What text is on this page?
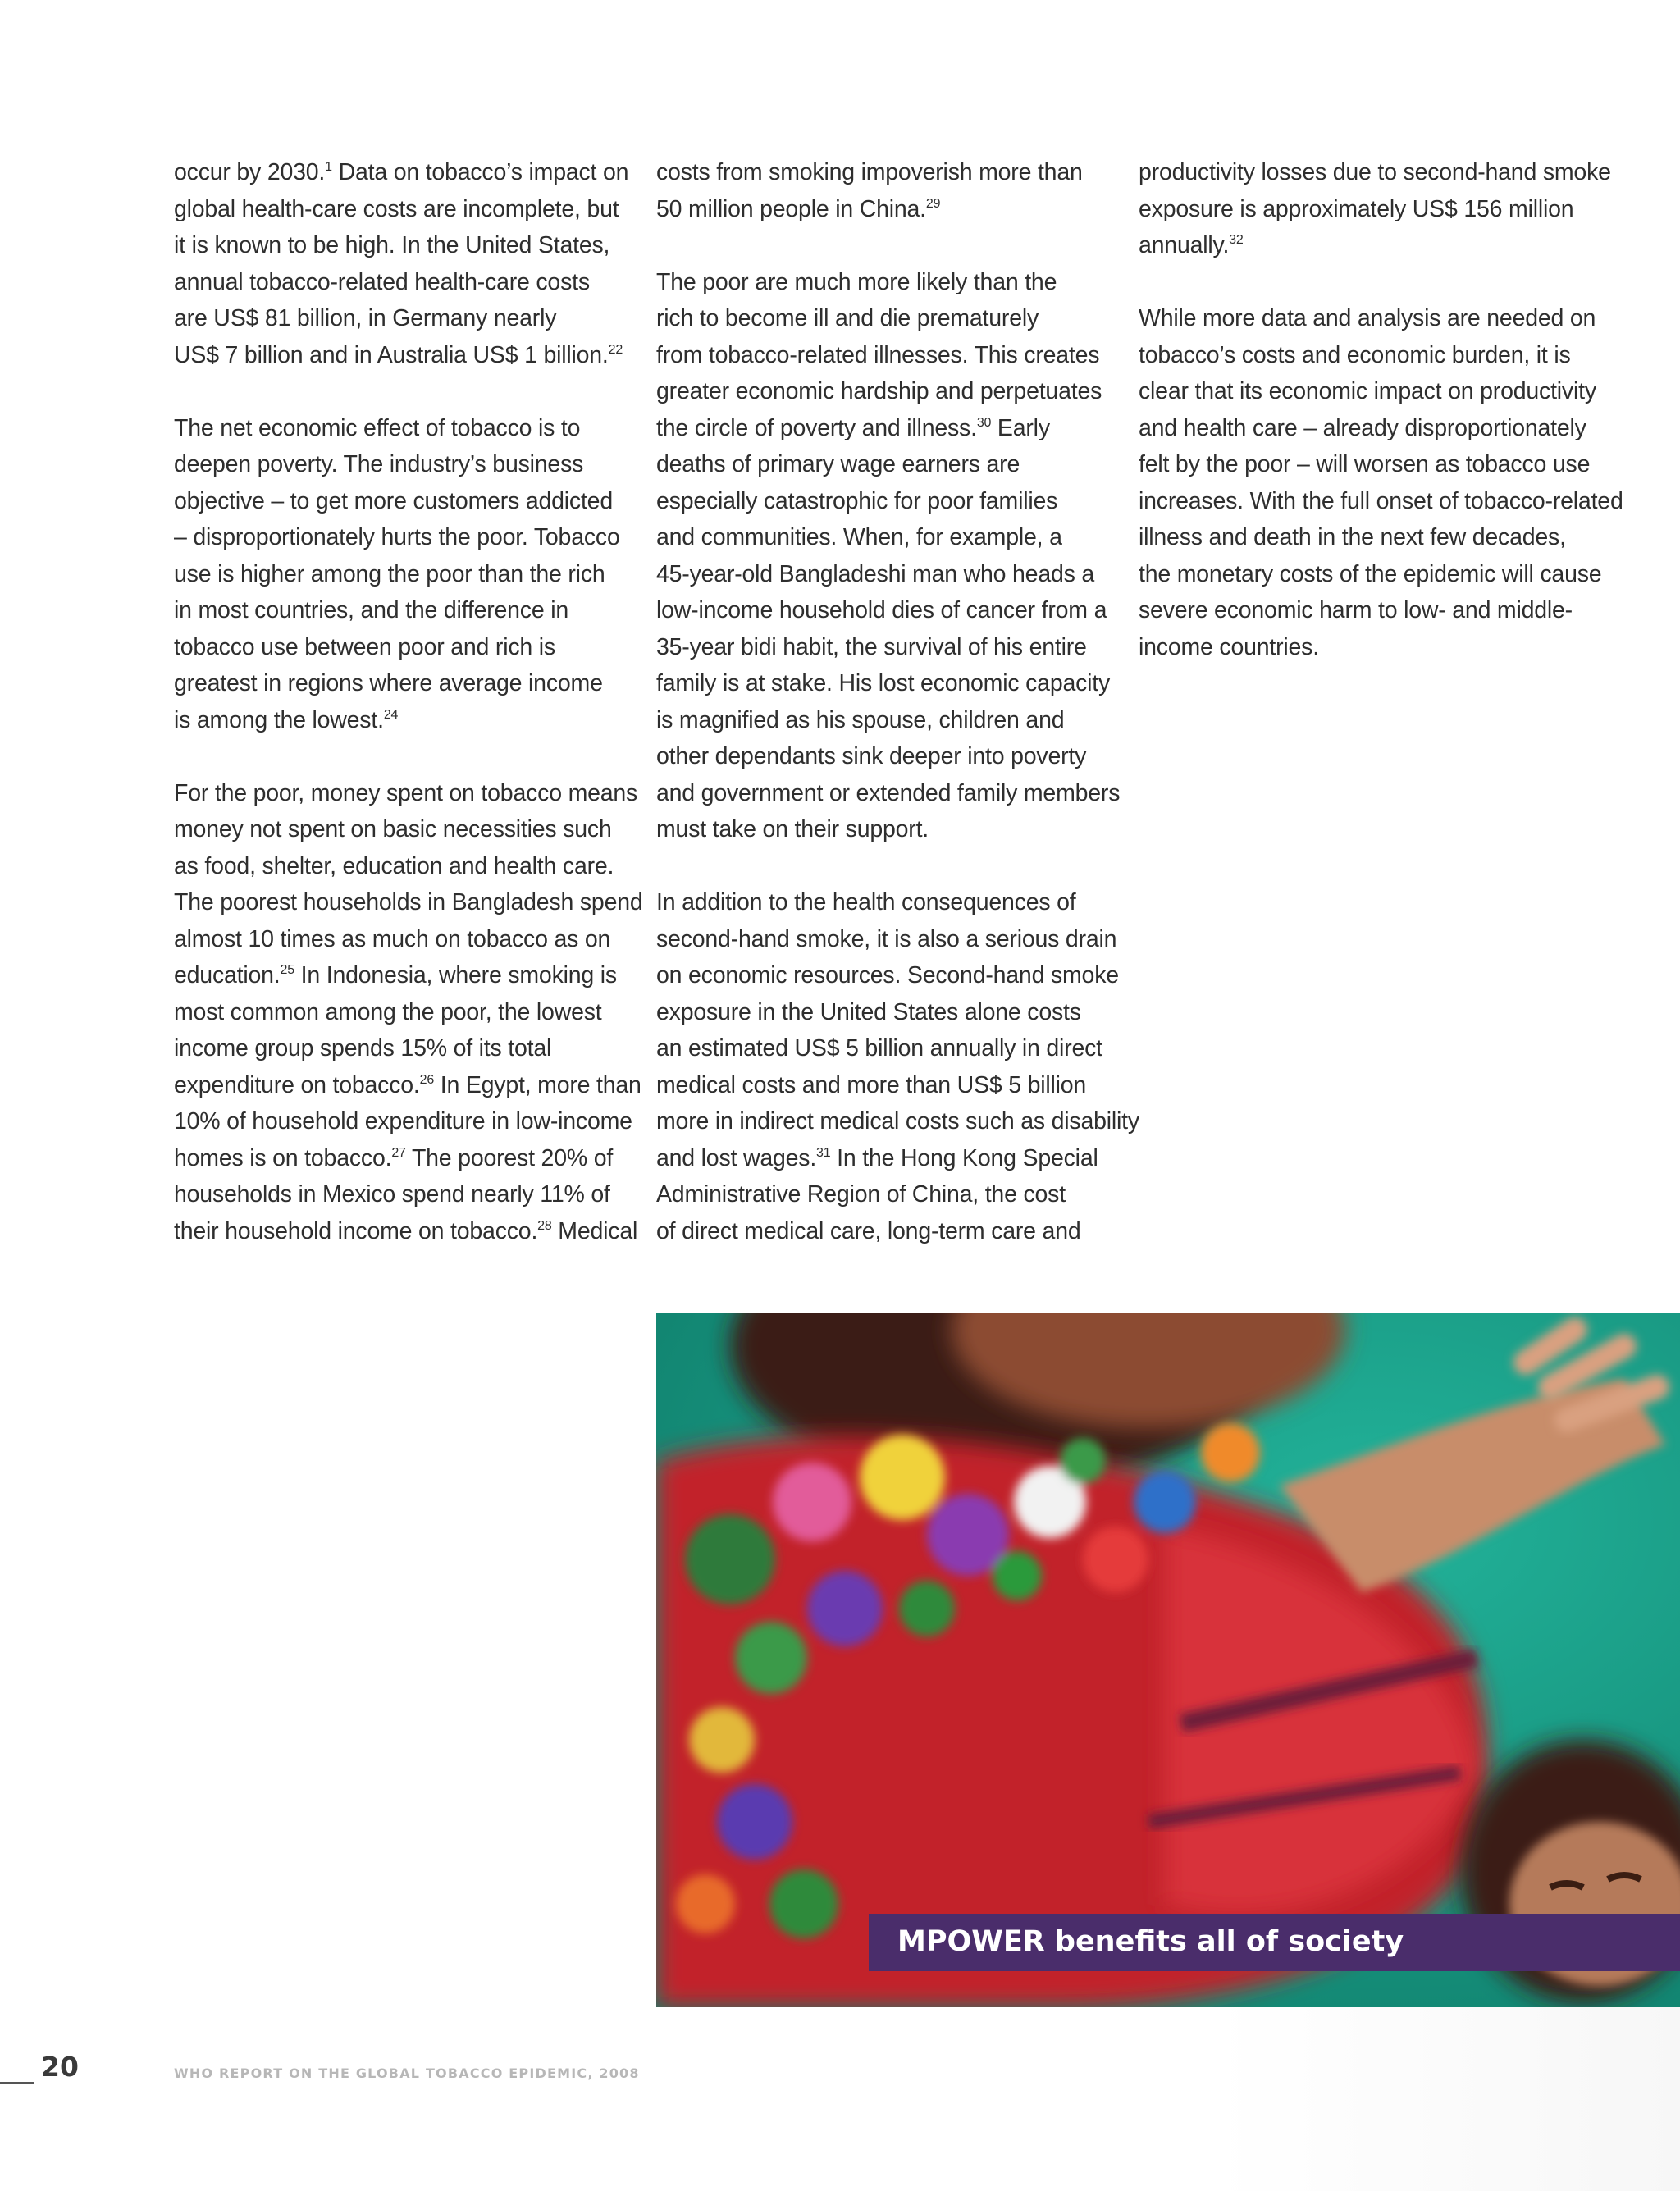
occur by 2030.$^1$ Data on tobacco’s impact on
global health-care costs are incomplete, but
it is known to be high. In the United States,
annual tobacco-related health-care costs
are US$ 81 billion, in Germany nearly
US$ 7 billion and in Australia US$ 1 billion.$^{22}$
The net economic effect of tobacco is to
deepen poverty. The industry’s business
objective – to get more customers addicted
– disproportionately hurts the poor. Tobacco
use is higher among the poor than the rich
in most countries, and the difference in
tobacco use between poor and rich is
greatest in regions where average income
is among the lowest.$^{24}$
For the poor, money spent on tobacco means
money not spent on basic necessities such
as food, shelter, education and health care.
The poorest households in Bangladesh spend
almost 10 times as much on tobacco as on
education.$^{25}$ In Indonesia, where smoking is
most common among the poor, the lowest
income group spends 15% of its total
expenditure on tobacco.$^{26}$ In Egypt, more than
10% of household expenditure in low-income
homes is on tobacco.$^{27}$ The poorest 20% of
households in Mexico spend nearly 11% of
their household income on tobacco.$^{28}$ Medical
costs from smoking impoverish more than
50 million people in China.$^{29}$
The poor are much more likely than the
rich to become ill and die prematurely
from tobacco-related illnesses. This creates
greater economic hardship and perpetuates
the circle of poverty and illness.$^{30}$ Early
deaths of primary wage earners are
especially catastrophic for poor families
and communities. When, for example, a
45-year-old Bangladeshi man who heads a
low-income household dies of cancer from a
35-year bidi habit, the survival of his entire
family is at stake. His lost economic capacity
is magnified as his spouse, children and
other dependants sink deeper into poverty
and government or extended family members
must take on their support.
In addition to the health consequences of
second-hand smoke, it is also a serious drain
on economic resources. Second-hand smoke
exposure in the United States alone costs
an estimated US$ 5 billion annually in direct
medical costs and more than US$ 5 billion
more in indirect medical costs such as disability
and lost wages.$^{31}$ In the Hong Kong Special
Administrative Region of China, the cost
of direct medical care, long-term care and
productivity losses due to second-hand smoke
exposure is approximately US$ 156 million
annually.$^{32}$
While more data and analysis are needed on
tobacco’s costs and economic burden, it is
clear that its economic impact on productivity
and health care – already disproportionately
felt by the poor – will worsen as tobacco use
increases. With the full onset of tobacco-related
illness and death in the next few decades,
the monetary costs of the epidemic will cause
severe economic harm to low- and middle-
income countries.
MPOWER benefits all of society
20	WHO REPORT ON THE GLOBAL TOBACCO EPIDEMIC, 2008
